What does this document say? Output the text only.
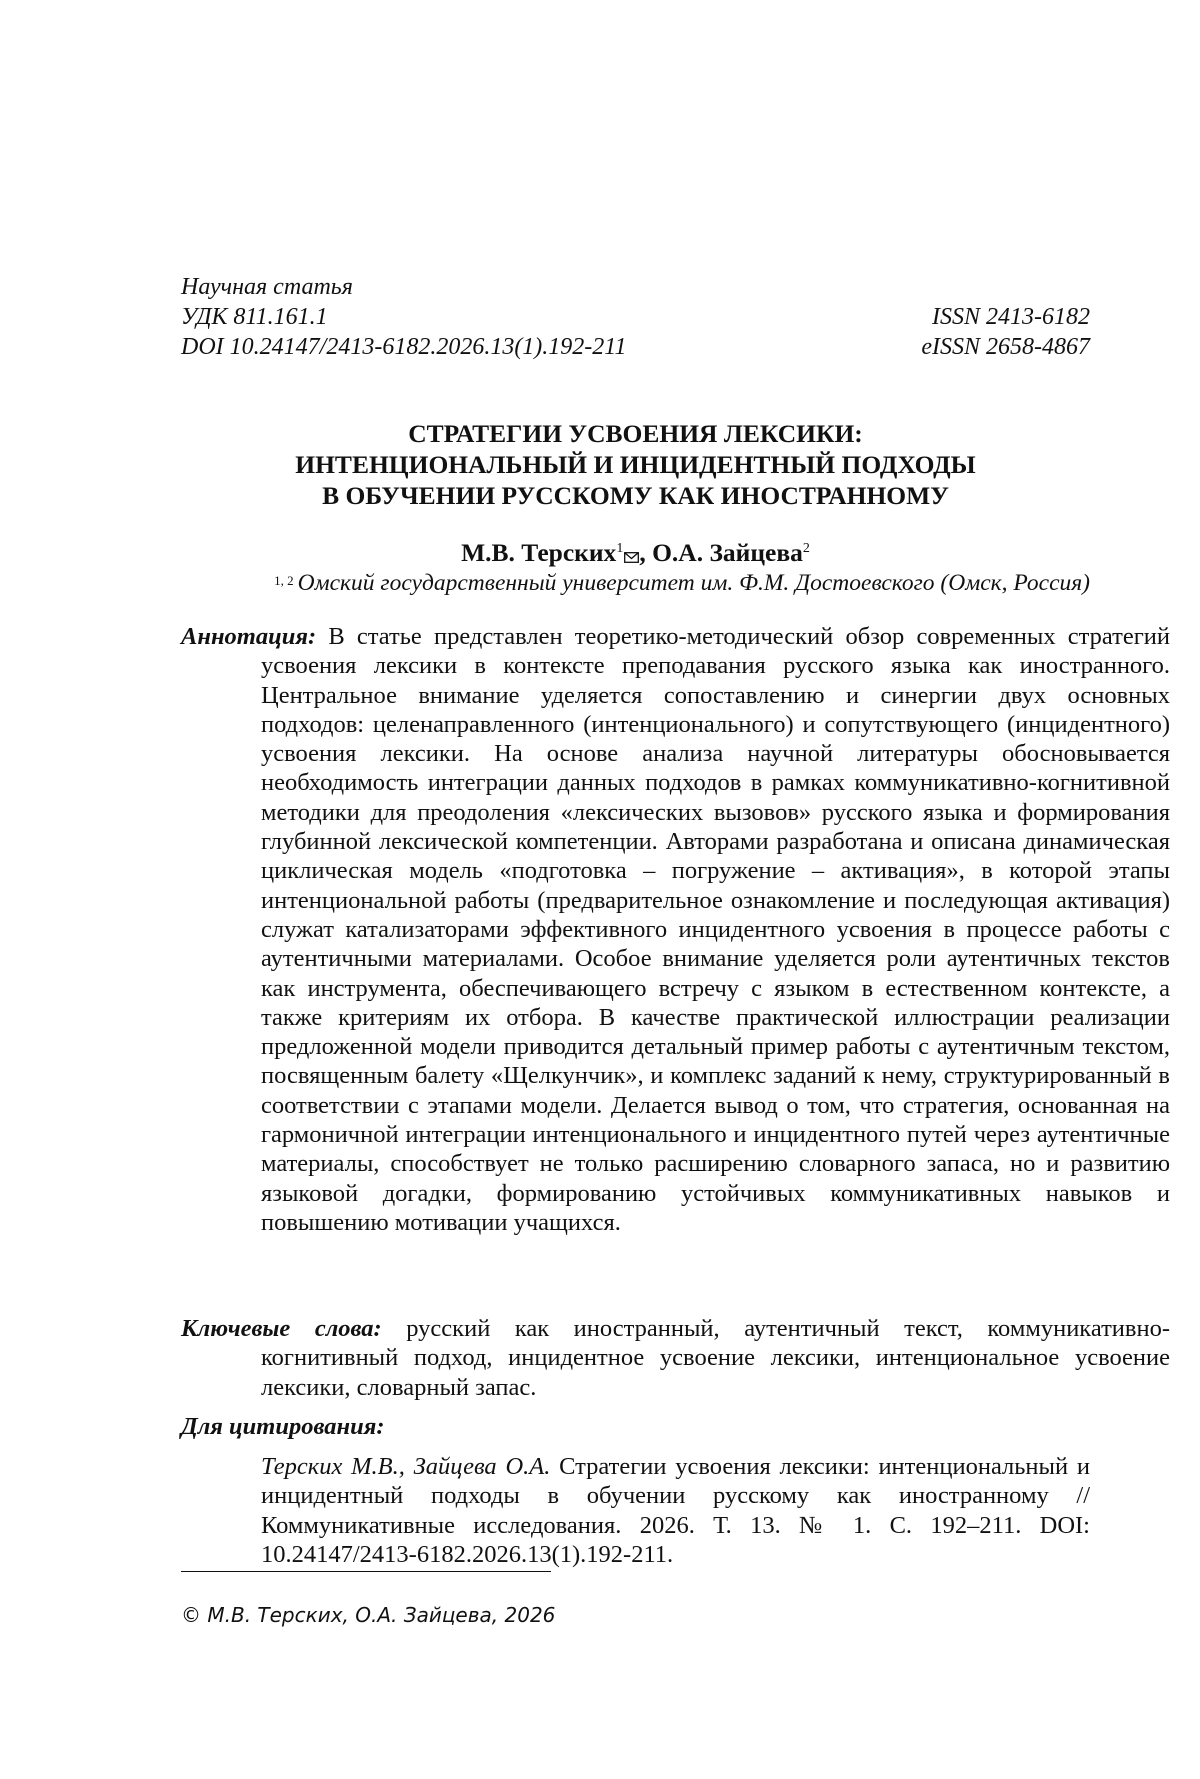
Научная статья
УДК 811.161.1	ISSN 2413-6182
DOI 10.24147/2413-6182.2026.13(1).192-211	eISSN 2658-4867
СТРАТЕГИИ УСВОЕНИЯ ЛЕКСИКИ:
ИНТЕНЦИОНАЛЬНЫЙ И ИНЦИДЕНТНЫЙ ПОДХОДЫ
В ОБУЧЕНИИ РУССКОМУ КАК ИНОСТРАННОМУ
М.В. Терских$^1$ , О.А. Зайцева$^2$
$^{1, 2}$ Омский государственный университет им. Ф.М. Достоевского (Омск, Россия)
Аннотация: В статье представлен теоретико-методический обзор современных стратегий усвоения лексики в контексте преподавания русского языка как иностранного. Центральное внимание уделяется сопоставлению и синергии двух основных подходов: целенаправленного (интенционального) и сопутствующего (инцидентного) усвоения лексики. На основе анализа научной литературы обосновывается необходимость интеграции данных подходов в рамках коммуникативно-когнитивной методики для преодоления «лексических вызовов» русского языка и формирования глубинной лексической компетенции. Авторами разработана и описана динамическая циклическая модель «подготовка – погружение – активация», в которой этапы интенциональной работы (предварительное ознакомление и последующая активация) служат катализаторами эффективного инцидентного усвоения в процессе работы с аутентичными материалами. Особое внимание уделяется роли аутентичных текстов как инструмента, обеспечивающего встречу с языком в естественном контексте, а также критериям их отбора. В качестве практической иллюстрации реализации предложенной модели приводится детальный пример работы с аутентичным текстом, посвященным балету «Щелкунчик», и комплекс заданий к нему, структурированный в соответствии с этапами модели. Делается вывод о том, что стратегия, основанная на гармоничной интеграции интенционального и инцидентного путей через аутентичные материалы, способствует не только расширению словарного запаса, но и развитию языковой догадки, формированию устойчивых коммуникативных навыков и повышению мотивации учащихся.
Ключевые слова: русский как иностранный, аутентичный текст, коммуникативно-когнитивный подход, инцидентное усвоение лексики, интенциональное усвоение лексики, словарный запас.
Для цитирования:
Терских М.В., Зайцева О.А. Стратегии усвоения лексики: интенциональный и инцидентный подходы в обучении русскому как иностранному // Коммуникативные исследования. 2026. Т. 13. № 1. С. 192–211. DOI: 10.24147/2413-6182.2026.13(1).192-211.
© М.В. Терских, О.А. Зайцева, 2026
